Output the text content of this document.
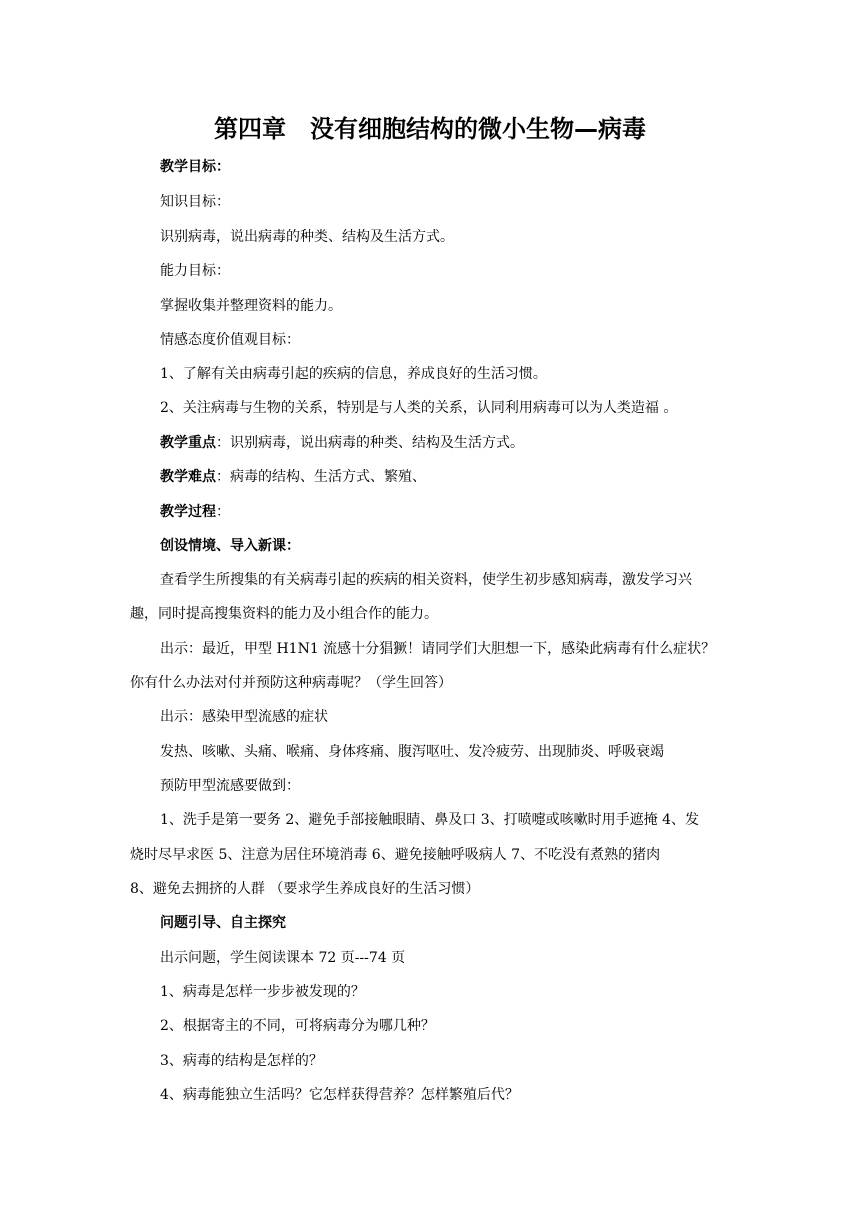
第四章　没有细胞结构的微小生物—病毒
教学目标：
知识目标：
识别病毒，说出病毒的种类、结构及生活方式。
能力目标：
掌握收集并整理资料的能力。
情感态度价值观目标：
1、了解有关由病毒引起的疾病的信息，养成良好的生活习惯。
2、关注病毒与生物的关系，特别是与人类的关系，认同利用病毒可以为人类造福 。
教学重点：识别病毒，说出病毒的种类、结构及生活方式。
教学难点：病毒的结构、生活方式、繁殖、
教学过程：
创设情境、导入新课：
查看学生所搜集的有关病毒引起的疾病的相关资料，使学生初步感知病毒，激发学习兴
趣，同时提高搜集资料的能力及小组合作的能力。
出示：最近，甲型 H1N1 流感十分猖獗！请同学们大胆想一下，感染此病毒有什么症状？
你有什么办法对付并预防这种病毒呢？（学生回答）
出示：感染甲型流感的症状
发热、咳嗽、头痛、喉痛、身体疼痛、腹泻呕吐、发冷疲劳、出现肺炎、呼吸衰竭
预防甲型流感要做到：
1、洗手是第一要务 2、避免手部接触眼睛、鼻及口 3、打喷嚏或咳嗽时用手遮掩 4、发
烧时尽早求医 5、注意为居住环境消毒 6、避免接触呼吸病人 7、不吃没有煮熟的猪肉
8、避免去拥挤的人群 （要求学生养成良好的生活习惯）
问题引导、自主探究
出示问题，学生阅读课本 72 页---74 页
1、病毒是怎样一步步被发现的？
2、根据寄主的不同，可将病毒分为哪几种？
3、病毒的结构是怎样的？
4、病毒能独立生活吗？它怎样获得营养？怎样繁殖后代？
